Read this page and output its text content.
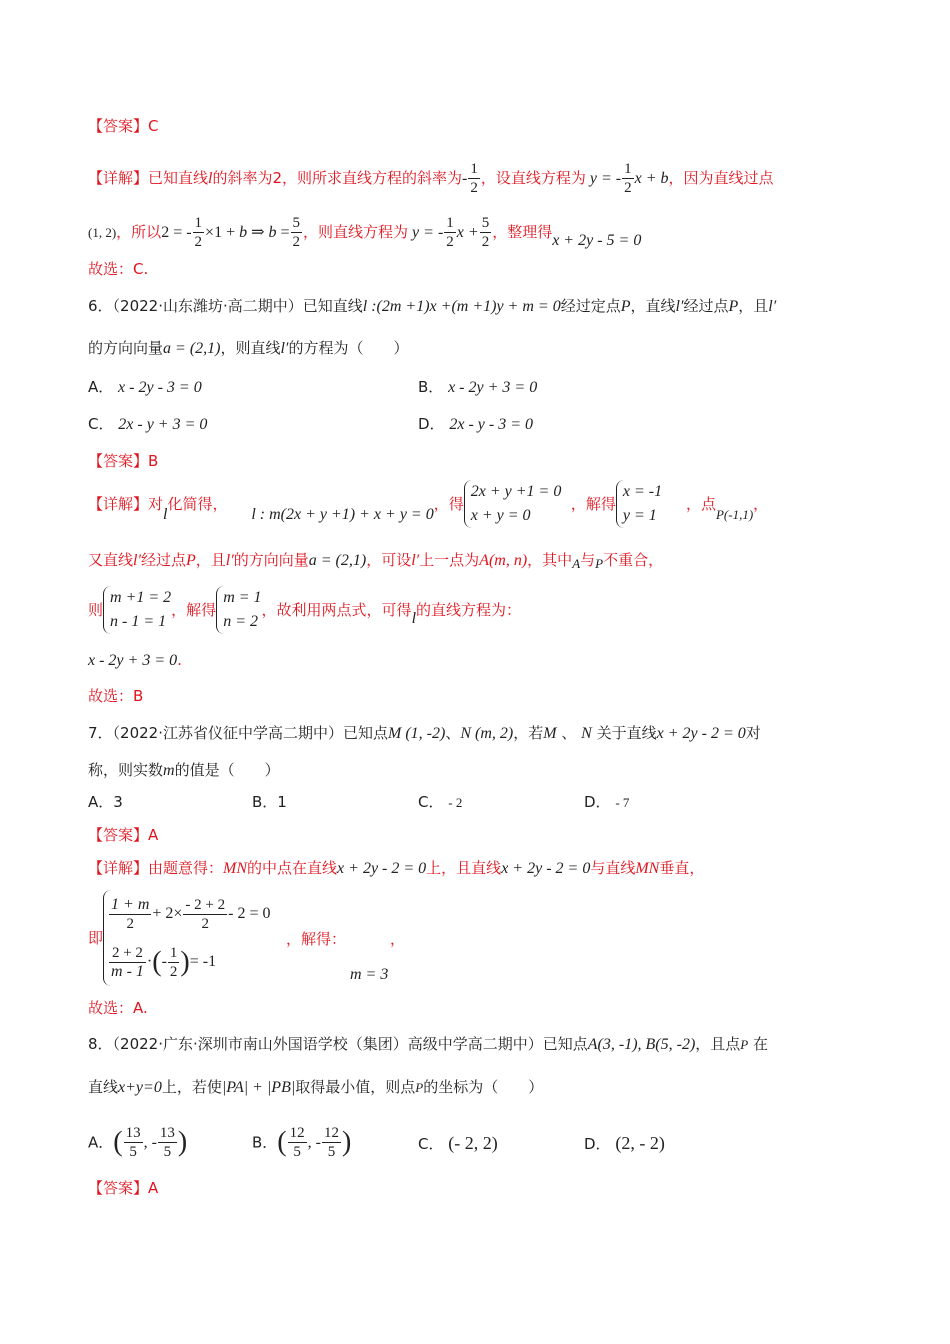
【答案】C
【详解】已知直线l的斜率为2，则所求直线方程的斜率为- $\frac{1}{2}$ ，设直线方程为 y = - $\frac{1}{2}$ x + b，因为直线过点
(1, 2)，所以2 = - $\frac{1}{2} \times 1 + b$ ⇒ $b = \frac{5}{2}$ ，则直线方程为 y = - $\frac{1}{2}$ $x + \frac{5}{2}$ ，整理得x + 2y - 5 = 0
故选：C.
6．（2022·山东潍坊·高二期中）已知直线l :(2m +1)x +(m +1)y + m = 0经过定点P，直线l′经过点P，且l′
的方向向量a = (2,1)，则直线l′的方程为（　　）
A． x - 2y - 3 = 0	B． x - 2y + 3 = 0
C． 2x - y + 3 = 0	D． 2x - y - 3 = 0
【答案】B
【详解】对l化简得，     l : m(2x + y +1) + x + y = 0，得
2x + y +1 = 0
x + y = 0
，解得
x = -1
y = 1
，点P(-1,1)，
又直线l′经过点P，且l′的方向向量a = (2,1)，可设l′上一点为A(m, n)，其中A与P不重合，
则
m +1 = 2
n - 1 = 1
，解得
m = 1
n = 2
，故利用两点式，可得l的直线方程为：
x - 2y + 3 = 0.
故选：B
7．（2022·江苏省仪征中学高二期中）已知点M (1, -2)、N (m, 2)，若M 、 N 关于直线x + 2y - 2 = 0对
称，则实数m的值是（　　）
A．3	B．1	C． - 2	D． - 7
【答案】A
【详解】由题意得：MN的中点在直线x + 2y - 2 = 0上，且直线x + 2y - 2 = 0与直线MN垂直，
即
$\frac{1 + m}{2} + 2\times \frac{- 2 + 2}{2} - 2 = 0$
$\frac{2 + 2}{m - 1}$ ·(- $\frac{1}{2}$ )= -1
，解得：	，
m = 3
故选：A.
8．（2022·广东·深圳市南山外国语学校（集团）高级中学高二期中）已知点A(3, -1), B(5, -2)，且点P 在
直线x+y=0上，若使|PA| + |PB|取得最小值，则点P的坐标为（　　）
A．( $\frac{13}{5}$ , - $\frac{13}{5}$ )	B．( $\frac{12}{5}$ , - $\frac{12}{5}$ )	C． (- 2, 2)	D． (2, - 2)
【答案】A
